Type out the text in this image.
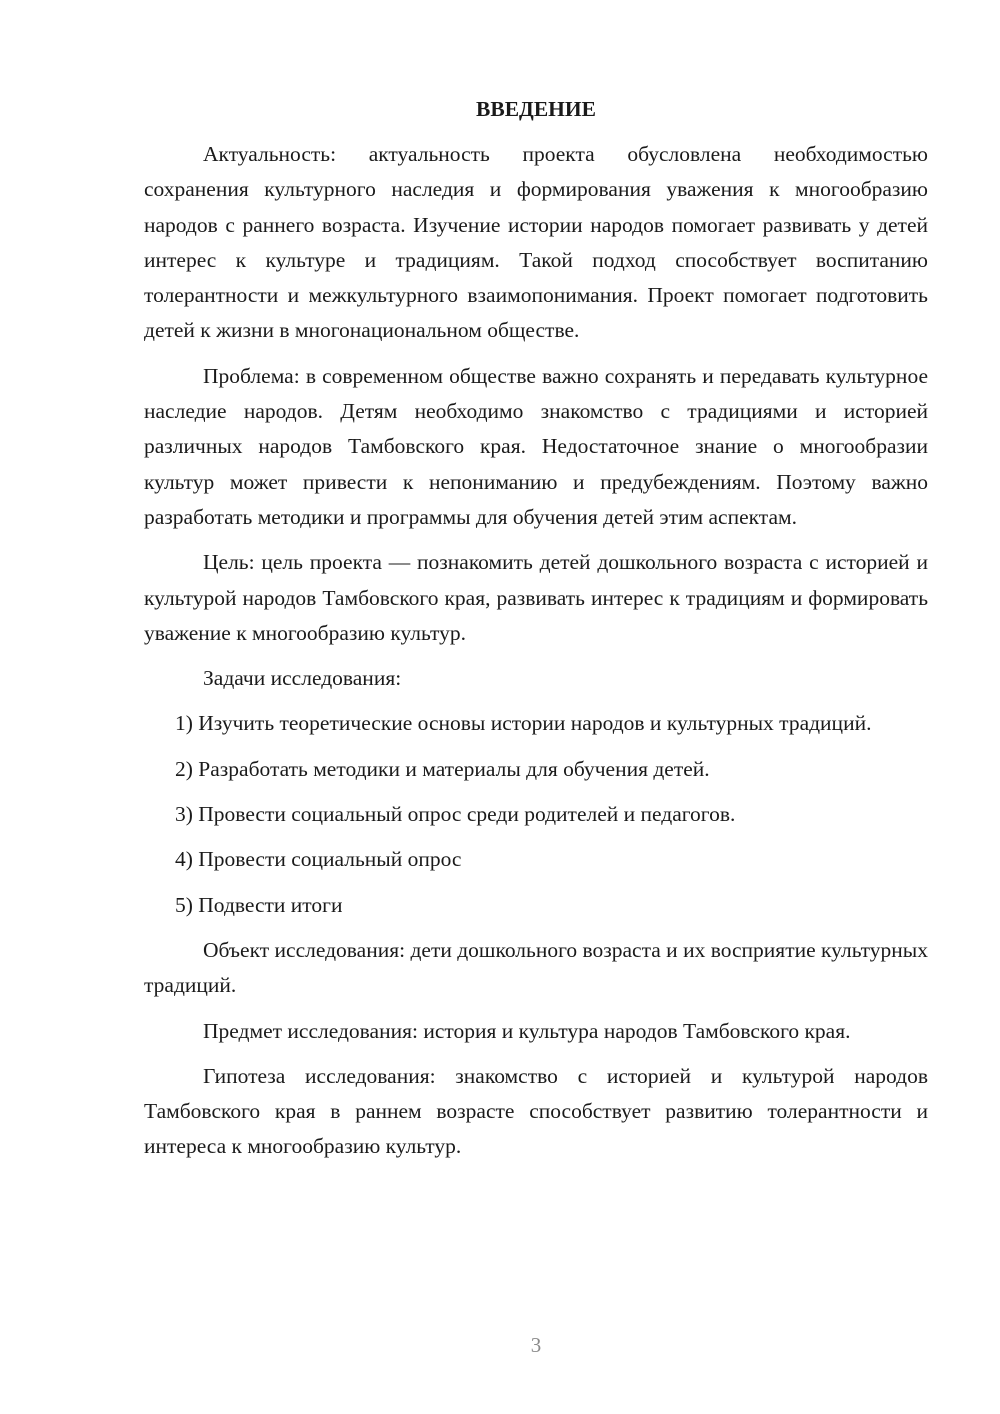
ВВЕДЕНИЕ

Актуальность: актуальность проекта обусловлена необходимостью сохранения культурного наследия и формирования уважения к многообразию народов с раннего возраста. Изучение истории народов помогает развивать у детей интерес к культуре и традициям. Такой подход способствует воспитанию толерантности и межкультурного взаимопонимания. Проект помогает подготовить детей к жизни в многонациональном обществе.

Проблема: в современном обществе важно сохранять и передавать культурное наследие народов. Детям необходимо знакомство с традициями и историей различных народов Тамбовского края. Недостаточное знание о многообразии культур может привести к непониманию и предубеждениям. Поэтому важно разработать методики и программы для обучения детей этим аспектам.

Цель: цель проекта — познакомить детей дошкольного возраста с историей и культурой народов Тамбовского края, развивать интерес к традициям и формировать уважение к многообразию культур.

Задачи исследования:

1) Изучить теоретические основы истории народов и культурных традиций.

2) Разработать методики и материалы для обучения детей.

3) Провести социальный опрос среди родителей и педагогов.

4) Провести социальный опрос

5) Подвести итоги

Объект исследования: дети дошкольного возраста и их восприятие культурных традиций.

Предмет исследования: история и культура народов Тамбовского края.

Гипотеза исследования: знакомство с историей и культурой народов Тамбовского края в раннем возрасте способствует развитию толерантности и интереса к многообразию культур.

3
